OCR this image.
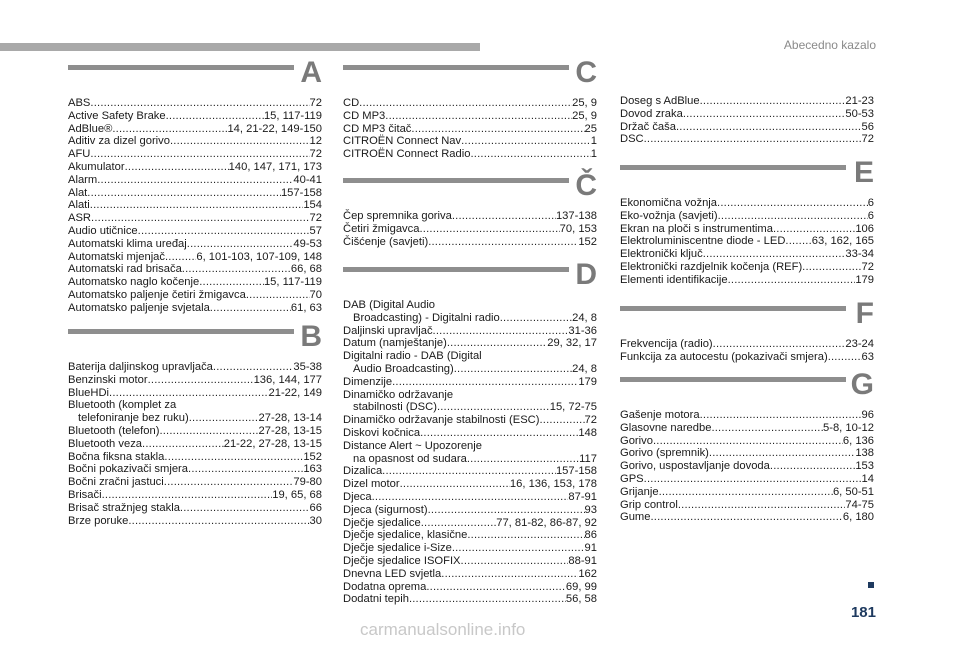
Abecedno kazalo
A
ABS .....	72
Active Safety Brake .....	15, 117-119
AdBlue® .....	14, 21-22, 149-150
Aditiv za dizel gorivo .....	12
AFU .....	72
Akumulator .....	140, 147, 171, 173
Alarm .....	40-41
Alat .....	157-158
Alati .....	154
ASR .....	72
Audio utičnice .....	57
Automatski klima uređaj .....	49-53
Automatski mjenjač .....	6, 101-103, 107-109, 148
Automatski rad brisača .....	66, 68
Automatsko naglo kočenje .....	15, 117-119
Automatsko paljenje četiri žmigavca .....	70
Automatsko paljenje svjetala .....	61, 63
B
Baterija daljinskog upravljača .....	35-38
Benzinski motor .....	136, 144, 177
BlueHDi .....	21-22, 149
Bluetooth (komplet za
telefoniranje bez ruku) .....	27-28, 13-14
Bluetooth (telefon) .....	27-28, 13-15
Bluetooth veza .....	21-22, 27-28, 13-15
Bočna fiksna stakla .....	152
Bočni pokazivači smjera .....	163
Bočni zračni jastuci .....	79-80
Brisači .....	19, 65, 68
Brisač stražnjeg stakla .....	66
Brze poruke .....	30
C
CD .....	25, 9
CD MP3 .....	25, 9
CD MP3 čitač .....	25
CITROËN Connect Nav .....	1
CITROËN Connect Radio .....	1
Č
Čep spremnika goriva .....	137-138
Četiri žmigavca .....	70, 153
Čišćenje (savjeti) .....	152
D
DAB (Digital Audio
Broadcasting) - Digitalni radio .....	24, 8
Daljinski upravljač .....	31-36
Datum (namještanje) .....	29, 32, 17
Digitalni radio - DAB (Digital
Audio Broadcasting) .....	24, 8
Dimenzije .....	179
Dinamičko održavanje
stabilnosti (DSC) .....	15, 72-75
Dinamičko održavanje stabilnosti (ESC) .....	72
Diskovi kočnica .....	148
Distance Alert ~ Upozorenje
na opasnost od sudara .....	117
Dizalica .....	157-158
Dizel motor .....	16, 136, 153, 178
Djeca .....	87-91
Djeca (sigurnost) .....	93
Dječje sjedalice .....	77, 81-82, 86-87, 92
Dječje sjedalice, klasične .....	86
Dječje sjedalice i-Size .....	91
Dječje sjedalice ISOFIX .....	88-91
Dnevna LED svjetla .....	162
Dodatna oprema .....	69, 99
Dodatni tepih .....	56, 58
Doseg s AdBlue .....	21-23
Dovod zraka .....	50-53
Držač čaša .....	56
DSC .....	72
E
Ekonomična vožnja .....	6
Eko-vožnja (savjeti) .....	6
Ekran na ploči s instrumentima .....	106
Elektroluminiscentne diode - LED ..... 63, 162, 165
Elektronički ključ .....	33-34
Elektronički razdjelnik kočenja (REF) .....	72
Elementi identifikacije .....	179
F
Frekvencija (radio) .....	23-24
Funkcija za autocestu (pokazivači smjera) .....	63
G
Gašenje motora .....	96
Glasovne naredbe .....	5-8, 10-12
Gorivo .....	6, 136
Gorivo (spremnik) .....	138
Gorivo, uspostavljanje dovoda .....	153
GPS .....	14
Grijanje .....	6, 50-51
Grip control .....	74-75
Gume .....	6, 180
181
carmanualsonline.info
